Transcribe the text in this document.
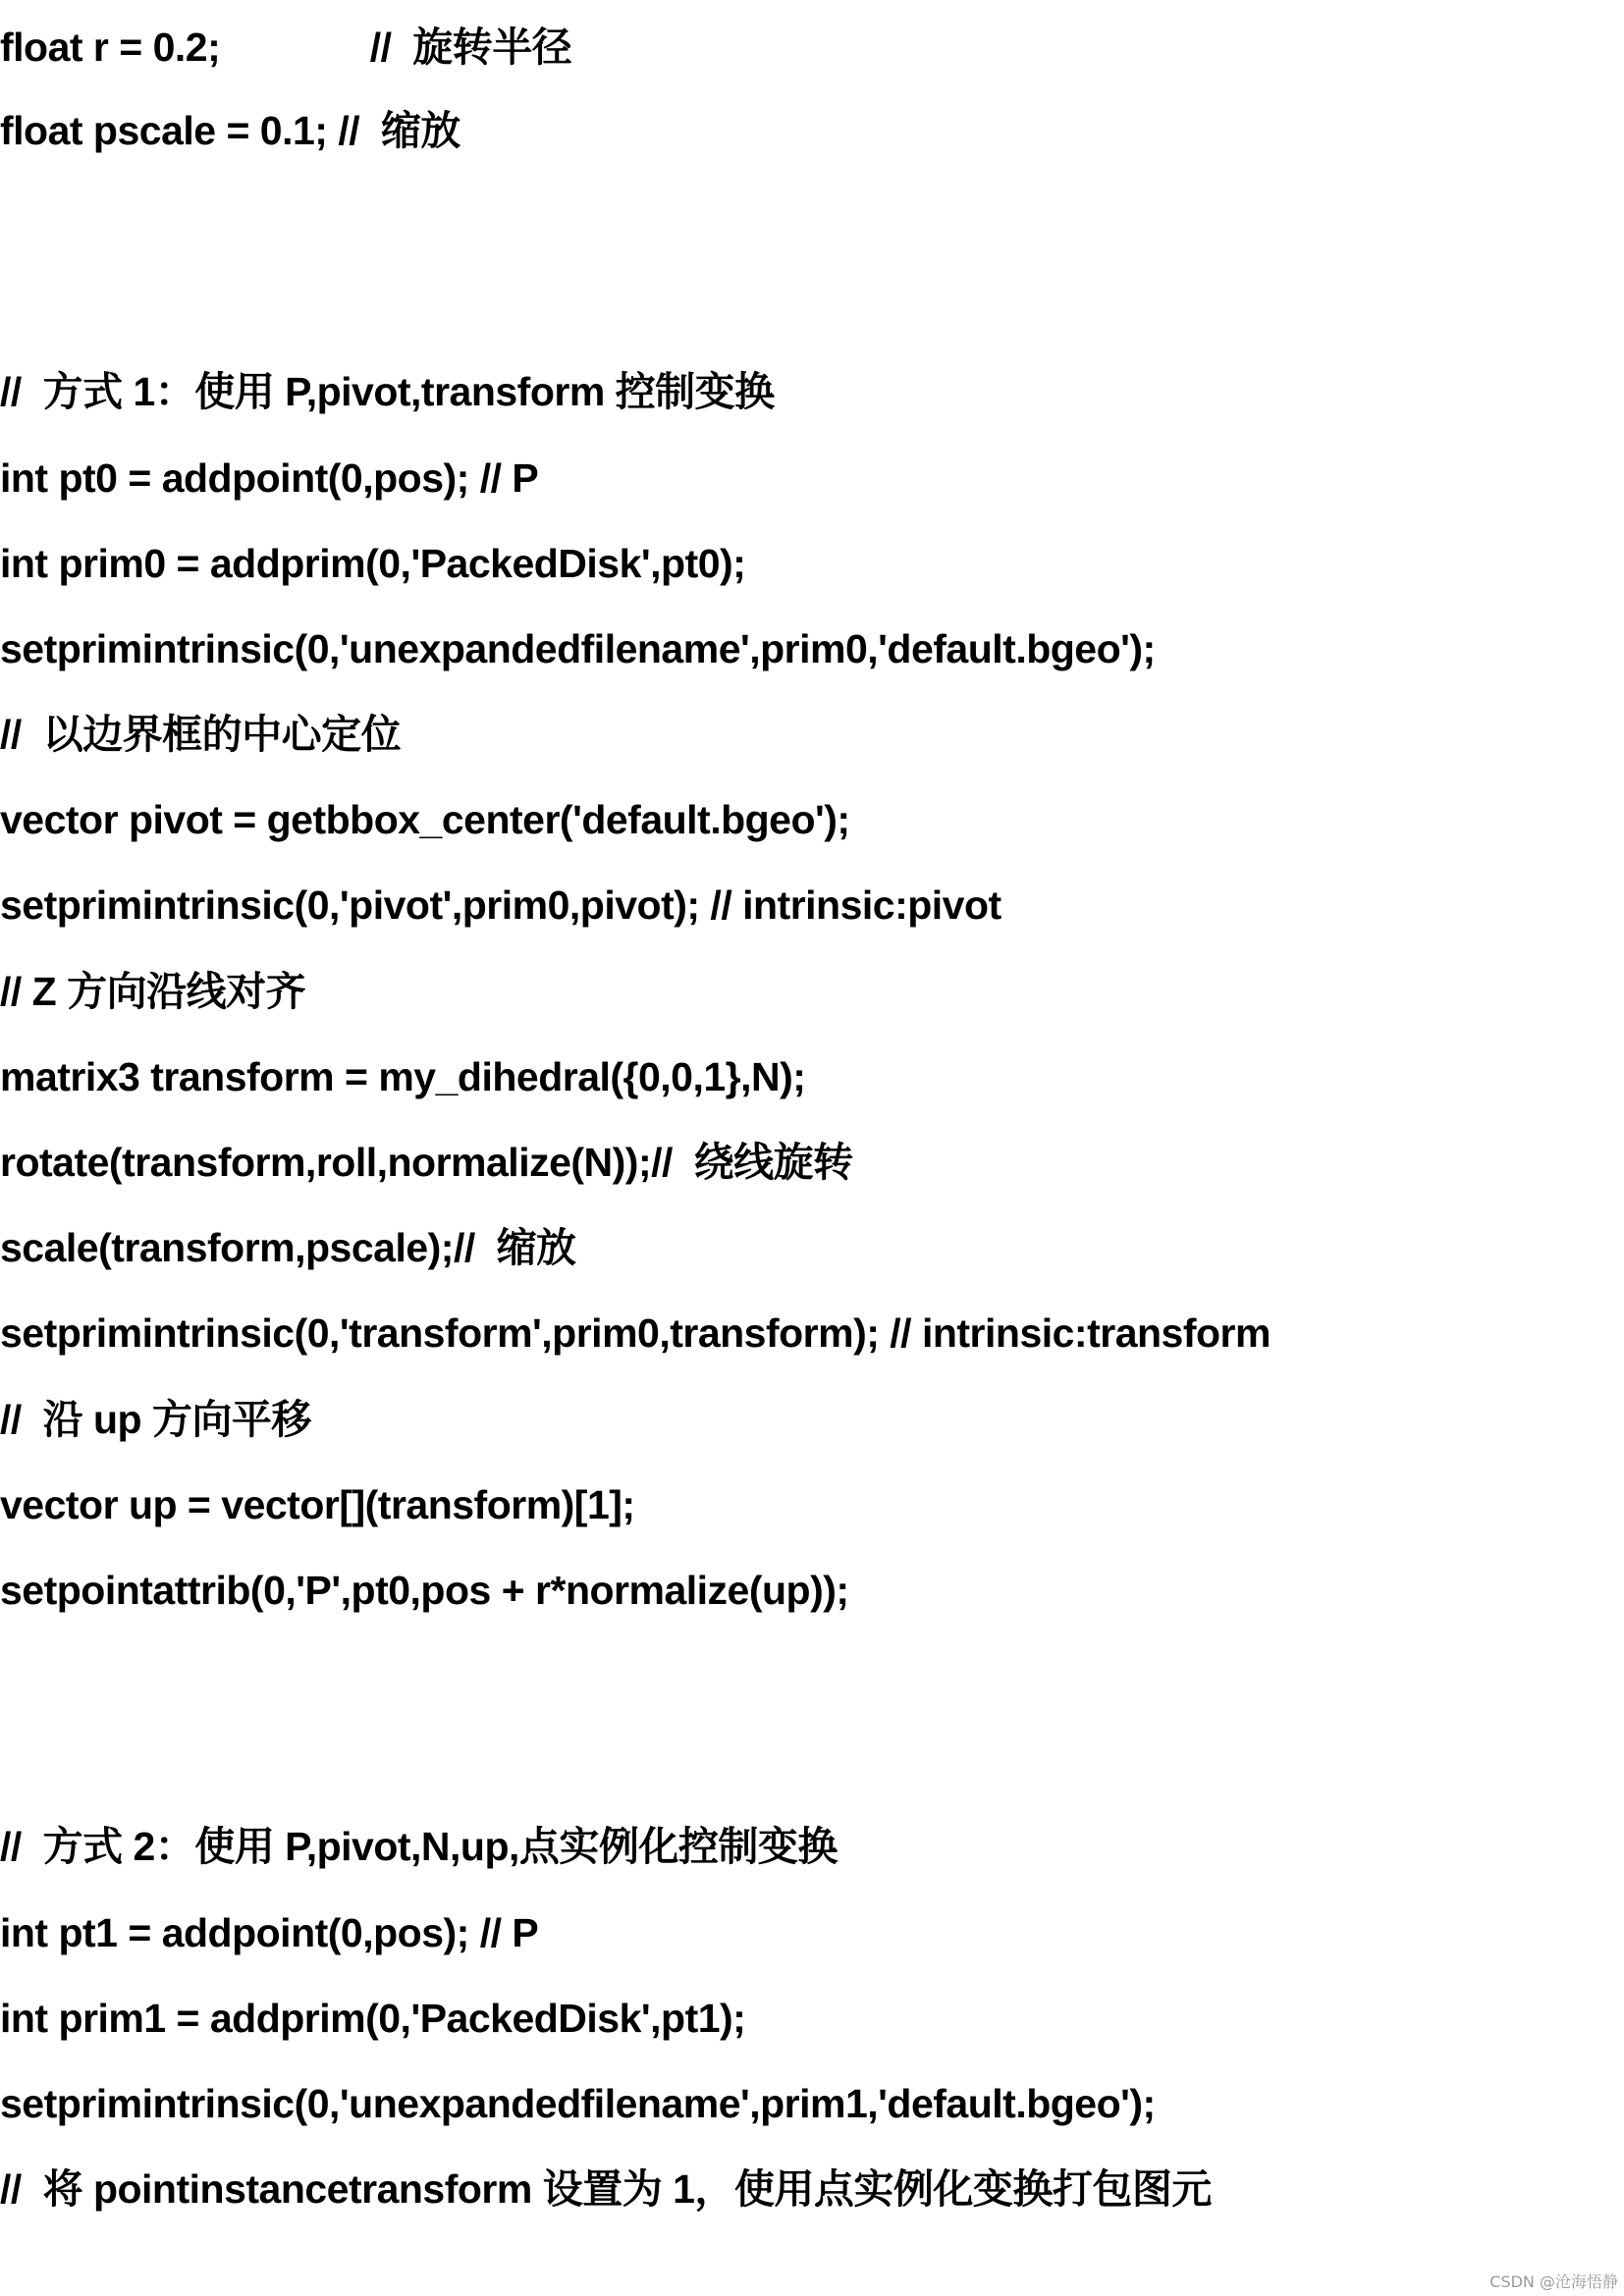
float r = 0.2;              //  旋转半径
float pscale = 0.1; //  缩放
//  方式 1：使用 P,pivot,transform 控制变换
int pt0 = addpoint(0,pos); // P
int prim0 = addprim(0,'PackedDisk',pt0);
setprimintrinsic(0,'unexpandedfilename',prim0,'default.bgeo');
//  以边界框的中心定位
vector pivot = getbbox_center('default.bgeo');
setprimintrinsic(0,'pivot',prim0,pivot); // intrinsic:pivot
// Z 方向沿线对齐
matrix3 transform = my_dihedral({0,0,1},N);
rotate(transform,roll,normalize(N));//  绕线旋转
scale(transform,pscale);//  缩放
setprimintrinsic(0,'transform',prim0,transform); // intrinsic:transform
//  沿 up 方向平移
vector up = vector[](transform)[1];
setpointattrib(0,'P',pt0,pos + r*normalize(up));
//  方式 2：使用 P,pivot,N,up,点实例化控制变换
int pt1 = addpoint(0,pos); // P
int prim1 = addprim(0,'PackedDisk',pt1);
setprimintrinsic(0,'unexpandedfilename',prim1,'default.bgeo');
//  将 pointinstancetransform 设置为 1，使用点实例化变换打包图元
CSDN @沧海悟静
